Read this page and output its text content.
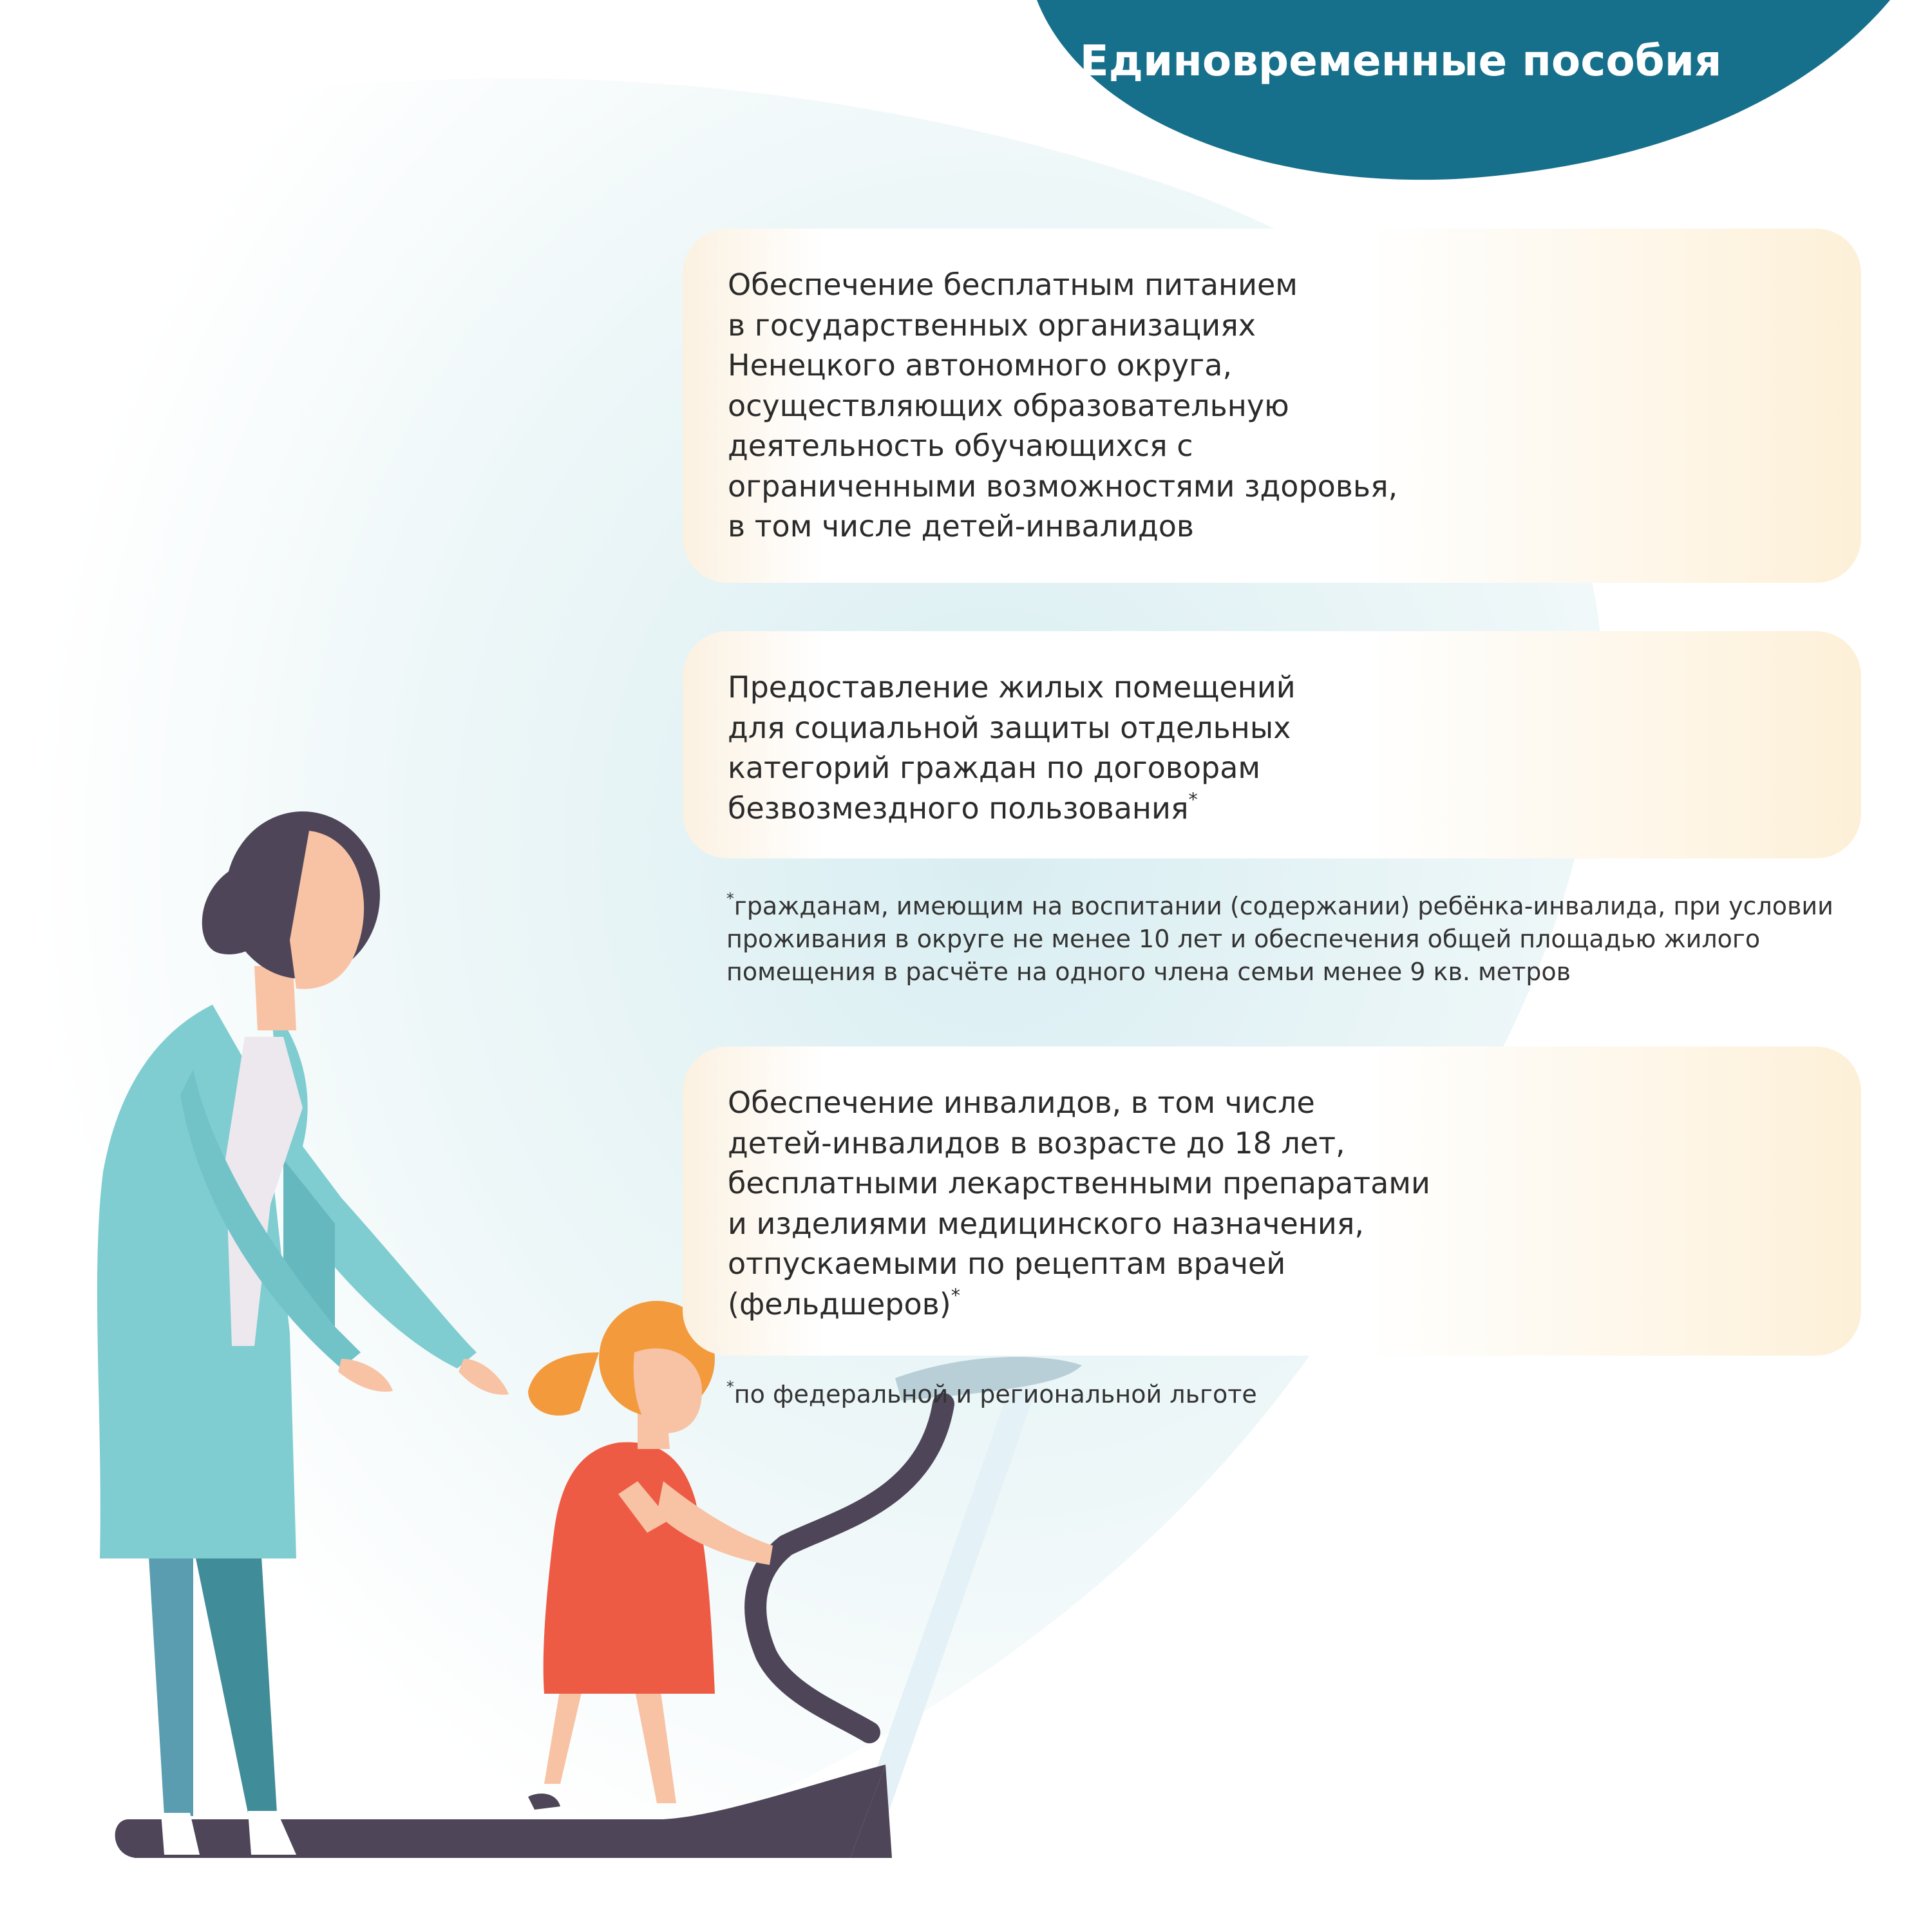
Единовременные пособия

Обеспечение бесплатным питанием
в государственных организациях
Ненецкого автономного округа,
осуществляющих образовательную
деятельность обучающихся с
ограниченными возможностями здоровья,
в том числе детей-инвалидов

Предоставление жилых помещений
для социальной защиты отдельных
категорий граждан по договорам
безвозмездного пользования*

*гражданам, имеющим на воспитании (содержании) ребёнка-инвалида, при условии
проживания в округе не менее 10 лет и обеспечения общей площадью жилого
помещения в расчёте на одного члена семьи менее 9 кв. метров

Обеспечение инвалидов, в том числе
детей-инвалидов в возрасте до 18 лет,
бесплатными лекарственными препаратами
и изделиями медицинского назначения,
отпускаемыми по рецептам врачей
(фельдшеров)*

*по федеральной и региональной льготе
